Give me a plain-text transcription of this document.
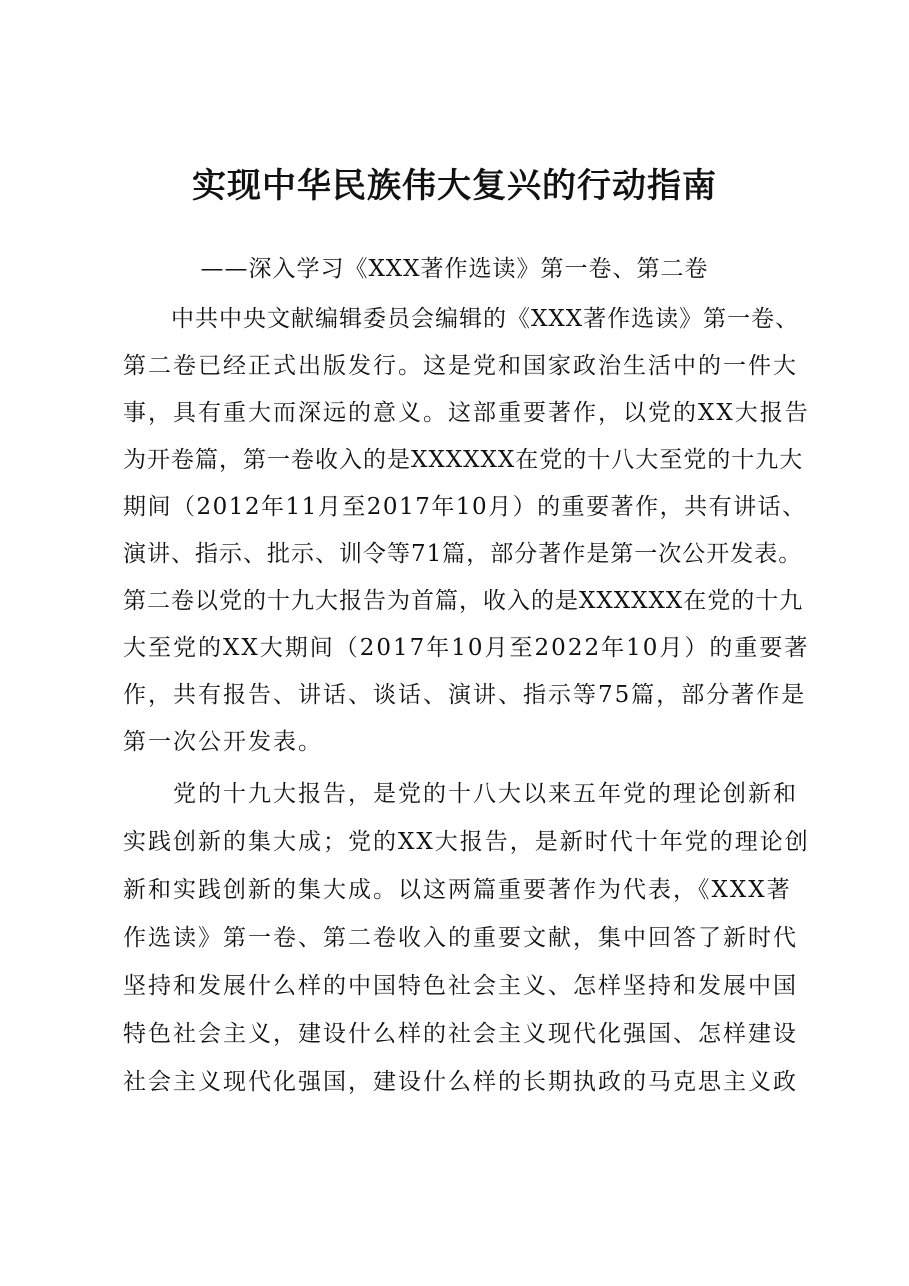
实现中华民族伟大复兴的行动指南
——深入学习《XXX著作选读》第一卷、第二卷
　　中共中央文献编辑委员会编辑的《XXX著作选读》第一卷、
第二卷已经正式出版发行。这是党和国家政治生活中的一件大
事，具有重大而深远的意义。这部重要著作，以党的XX大报告
为开卷篇，第一卷收入的是XXXXXX在党的十八大至党的十九大
期间（2012年11月至2017年10月）的重要著作，共有讲话、
演讲、指示、批示、训令等71篇，部分著作是第一次公开发表。
第二卷以党的十九大报告为首篇，收入的是XXXXXX在党的十九
大至党的XX大期间（2017年10月至2022年10月）的重要著
作，共有报告、讲话、谈话、演讲、指示等75篇，部分著作是
第一次公开发表。
　　党的十九大报告，是党的十八大以来五年党的理论创新和
实践创新的集大成；党的XX大报告，是新时代十年党的理论创
新和实践创新的集大成。以这两篇重要著作为代表，《XXX著
作选读》第一卷、第二卷收入的重要文献，集中回答了新时代
坚持和发展什么样的中国特色社会主义、怎样坚持和发展中国
特色社会主义，建设什么样的社会主义现代化强国、怎样建设
社会主义现代化强国，建设什么样的长期执政的马克思主义政
